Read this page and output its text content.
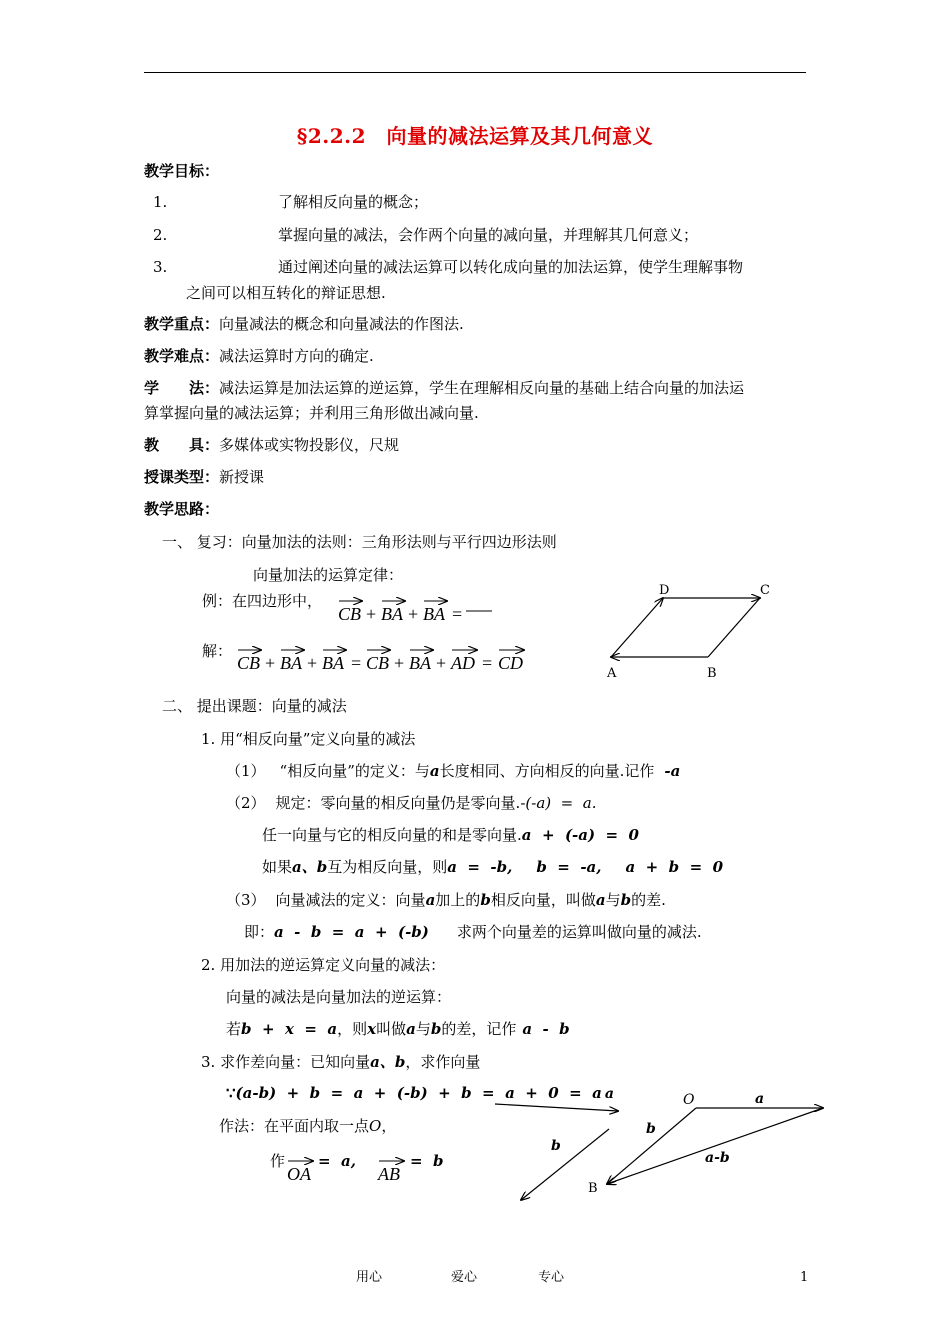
§2.2.2　向量的减法运算及其几何意义
教学目标：
1.	了解相反向量的概念；
2.	掌握向量的减法，会作两个向量的减向量，并理解其几何意义；
3.	通过阐述向量的减法运算可以转化成向量的加法运算，使学生理解事物
之间可以相互转化的辩证思想.
教学重点：向量减法的概念和向量减法的作图法.
教学难点：减法运算时方向的确定.
学　　法：减法运算是加法运算的逆运算，学生在理解相反向量的基础上结合向量的加法运
算掌握向量的减法运算；并利用三角形做出减向量.
教　　具：多媒体或实物投影仪，尺规
授课类型：新授课
教学思路：
一、 复习：向量加法的法则：三角形法则与平行四边形法则
向量加法的运算定律：
例：在四边形中，
CB + BA + BA =
解：
CB + BA + BA = CB + BA + AD = CD
D	C
A	B
二、 提出课题：向量的减法
1. 用“相反向量”定义向量的减法
（1） “相反向量”的定义：与a长度相同、方向相反的向量.记作 -a
（2） 规定：零向量的相反向量仍是零向量.-(-a)  =  a.
任一向量与它的相反向量的和是零向量.a  +  (-a)  =  0
如果a、b互为相反向量，则a  =  -b, b  =  -a, a  +  b  =  0
（3） 向量减法的定义：向量a加上的b相反向量，叫做a与b的差.
即：a  -  b  =  a  +  (-b) 求两个向量差的运算叫做向量的减法.
2. 用加法的逆运算定义向量的减法：
向量的减法是向量加法的逆运算：
若b  +  x  =  a，则x叫做a与b的差，记作 a  -  b
3. 求作差向量：已知向量a、b，求作向量
∵(a-b)  +  b  =  a  +  (-b)  +  b  =  a  +  0  =  a a
作法：在平面内取一点O，
作
OA
=  a,
AB
=  b
b
O	a
b
a-b
B
用心	爱心	专心	1
